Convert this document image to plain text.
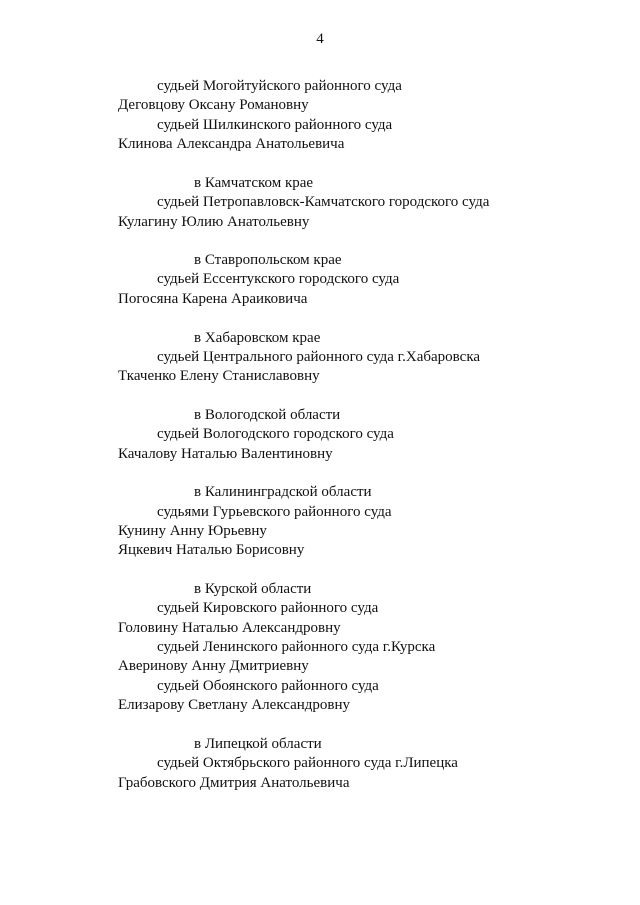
4
судьей Могойтуйского районного суда
Деговцову Оксану Романовну
судьей Шилкинского районного суда
Клинова Александра Анатольевича
в Камчатском крае
судьей Петропавловск-Камчатского городского суда
Кулагину Юлию Анатольевну
в Ставропольском крае
судьей Ессентукского городского суда
Погосяна Карена Араиковича
в Хабаровском крае
судьей Центрального районного суда г.Хабаровска
Ткаченко Елену Станиславовну
в Вологодской области
судьей Вологодского городского суда
Качалову Наталью Валентиновну
в Калининградской области
судьями Гурьевского районного суда
Кунину Анну Юрьевну
Яцкевич Наталью Борисовну
в Курской области
судьей Кировского районного суда
Головину Наталью Александровну
судьей Ленинского районного суда г.Курска
Аверинову Анну Дмитриевну
судьей Обоянского районного суда
Елизарову Светлану Александровну
в Липецкой области
судьей Октябрьского районного суда г.Липецка
Грабовского Дмитрия Анатольевича
